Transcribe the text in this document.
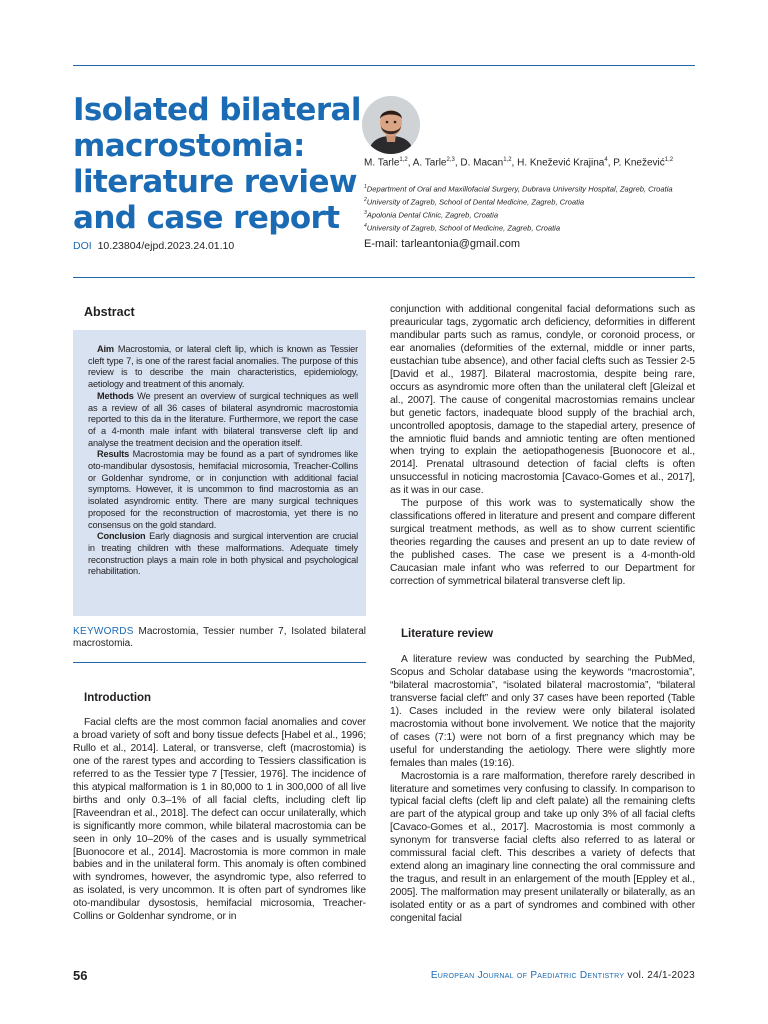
Isolated bilateral macrostomia: literature review and case report
DOI 10.23804/ejpd.2023.24.01.10
M. Tarle$^{1,2}$, A. Tarle$^{2,3}$, D. Macan$^{1,2}$, H. Knežević Krajina$^4$, P. Knežević$^{1,2}$
$^1$Department of Oral and Maxillofacial Surgery, Dubrava University Hospital, Zagreb, Croatia
$^2$University of Zagreb, School of Dental Medicine, Zagreb, Croatia
$^3$Apolonia Dental Clinic, Zagreb, Croatia
$^4$University of Zagreb, School of Medicine, Zagreb, Croatia
E-mail: tarleantonia@gmail.com
Abstract

Aim Macrostomia, or lateral cleft lip, which is known as Tessier cleft type 7, is one of the rarest facial anomalies. The purpose of this review is to describe the main characteristics, epidemiology, aetiology and treatment of this anomaly.

Methods We present an overview of surgical techniques as well as a review of all 36 cases of bilateral asyndromic macrostomia reported to this da in the literature. Furthermore, we report the case of a 4-month male infant with bilateral transverse cleft lip and analyse the treatment decision and the operation itself.

Results Macrostomia may be found as a part of syndromes like oto-mandibular dysostosis, hemifacial microsomia, Treacher-Collins or Goldenhar syndrome, or in conjunction with additional facial symptoms. However, it is uncommon to find macrostomia as an isolated asyndromic entity. There are many surgical techniques proposed for the reconstruction of macrostomia, yet there is no consensus on the gold standard.

Conclusion Early diagnosis and surgical intervention are crucial in treating children with these malformations. Adequate timely reconstruction plays a main role in both physical and psychological rehabilitation.

KEYWORDS Macrostomia, Tessier number 7, Isolated bilateral macrostomia.
Introduction

Facial clefts are the most common facial anomalies and cover a broad variety of soft and bony tissue defects [Habel et al., 1996; Rullo et al., 2014]. Lateral, or transverse, cleft (macrostomia) is one of the rarest types and according to Tessiers classification is referred to as the Tessier type 7 [Tessier, 1976]. The incidence of this atypical malformation is 1 in 80,000 to 1 in 300,000 of all live births and only 0.3–1% of all facial clefts, including cleft lip [Raveendran et al., 2018]. The defect can occur unilaterally, which is significantly more common, while bilateral macrostomia can be seen in only 10–20% of the cases and is usually symmetrical [Buonocore et al., 2014]. Macrostomia is more common in male babies and in the unilateral form. This anomaly is often combined with syndromes, however, the asyndromic type, also referred to as isolated, is very uncommon. It is often part of syndromes like oto-mandibular dysostosis, hemifacial microsomia, Treacher-Collins or Goldenhar syndrome, or in

conjunction with additional congenital facial deformations such as preauricular tags, zygomatic arch deficiency, deformities in different mandibular parts such as ramus, condyle, or coronoid process, or ear anomalies (deformities of the external, middle or inner parts, eustachian tube absence), and other facial clefts such as Tessier 2-5 [David et al., 1987]. Bilateral macrostomia, despite being rare, occurs as asyndromic more often than the unilateral cleft [Gleizal et al., 2007]. The cause of congenital macrostomias remains unclear but genetic factors, inadequate blood supply of the brachial arch, uncontrolled apoptosis, damage to the stapedial artery, presence of the amniotic fluid bands and amniotic tenting are often mentioned when trying to explain the aetiopathogenesis [Buonocore et al., 2014]. Prenatal ultrasound detection of facial clefts is often unsuccessful in noticing macrostomia [Cavaco-Gomes et al., 2017], as it was in our case.

The purpose of this work was to systematically show the classifications offered in literature and present and compare different surgical treatment methods, as well as to show current scientific theories regarding the causes and present an up to date review of the published cases. The case we present is a 4-month-old Caucasian male infant who was referred to our Department for correction of symmetrical bilateral transverse cleft lip.

Literature review

A literature review was conducted by searching the PubMed, Scopus and Scholar database using the keywords “macrostomia”, “bilateral macrostomia”, “isolated bilateral macrostomia”, “bilateral transverse facial cleft” and only 37 cases have been reported (Table 1). Cases included in the review were only bilateral isolated macrostomia without bone involvement. We notice that the majority of cases (7:1) were not born of a first pregnancy which may be useful for understanding the aetiology. There were slightly more females than males (19:16).

Macrostomia is a rare malformation, therefore rarely described in literature and sometimes very confusing to classify. In comparison to typical facial clefts (cleft lip and cleft palate) all the remaining clefts are part of the atypical group and take up only 3% of all facial clefts [Cavaco-Gomes et al., 2017]. Macrostomia is most commonly a synonym for transverse facial clefts also referred to as lateral or commissural facial cleft. This describes a variety of defects that extend along an imaginary line connecting the oral commissure and the tragus, and result in an enlargement of the mouth [Eppley et al., 2005]. The malformation may present unilaterally or bilaterally, as an isolated entity or as a part of syndromes and combined with other congenital facial

56	European Journal of Paediatric Dentistry vol. 24/1-2023
